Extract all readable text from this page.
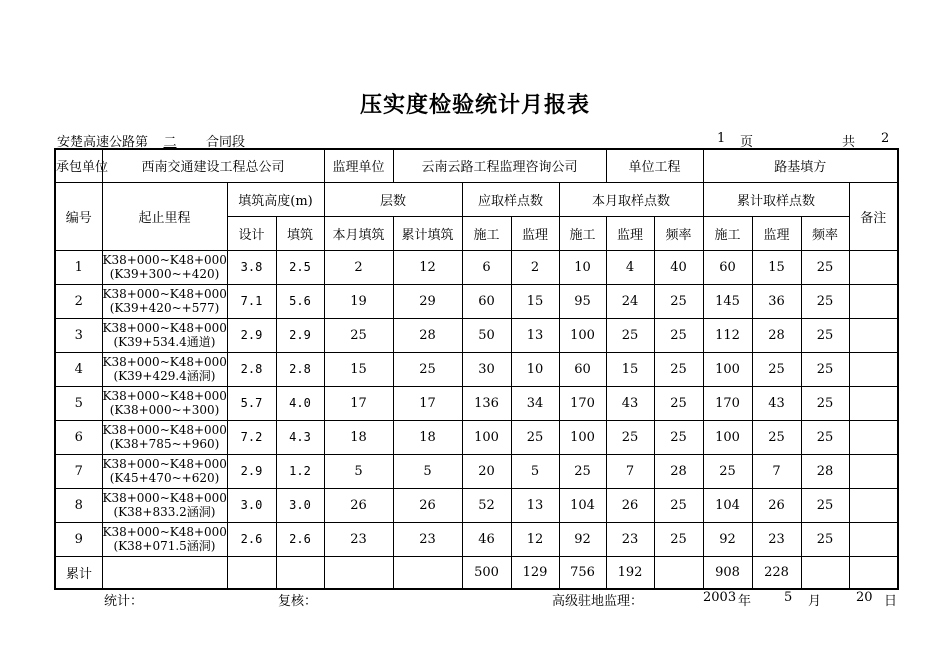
压实度检验统计月报表
安楚高速公路第	二	合同段	1 页	共 2
承包单位	西南交通建设工程总公司			监理单位	云南云路工程监理咨询公司				单位工程		路基填方			
编号	起止里程	填筑高度(m)		层数		应取样点数		本月取样点数			累计取样点数			备注
		设计	填筑	本月填筑	累计填筑	施工	监理	施工	监理	频率	施工	监理	频率	
1	K38+000~K48+000
(K39+300~+420)	3.8	2.5	2	12	6	2	10	4	40	60	15	25	
2	K38+000~K48+000
(K39+420~+577)	7.1	5.6	19	29	60	15	95	24	25	145	36	25	
3	K38+000~K48+000
(K39+534.4通道)	2.9	2.9	25	28	50	13	100	25	25	112	28	25	
4	K38+000~K48+000
(K39+429.4涵洞)	2.8	2.8	15	25	30	10	60	15	25	100	25	25	
5	K38+000~K48+000
(K38+000~+300)	5.7	4.0	17	17	136	34	170	43	25	170	43	25	
6	K38+000~K48+000
(K38+785~+960)	7.2	4.3	18	18	100	25	100	25	25	100	25	25	
7	K38+000~K48+000
(K45+470~+620)	2.9	1.2	5	5	20	5	25	7	28	25	7	28	
8	K38+000~K48+000
(K38+833.2涵洞)	3.0	3.0	26	26	52	13	104	26	25	104	26	25	
9	K38+000~K48+000
(K38+071.5涵洞)	2.6	2.6	23	23	46	12	92	23	25	92	23	25	
累计						500	129	756	192		908	228		
统计：	复核：	高级驻地监理：	2003 年	5 月	20 日
